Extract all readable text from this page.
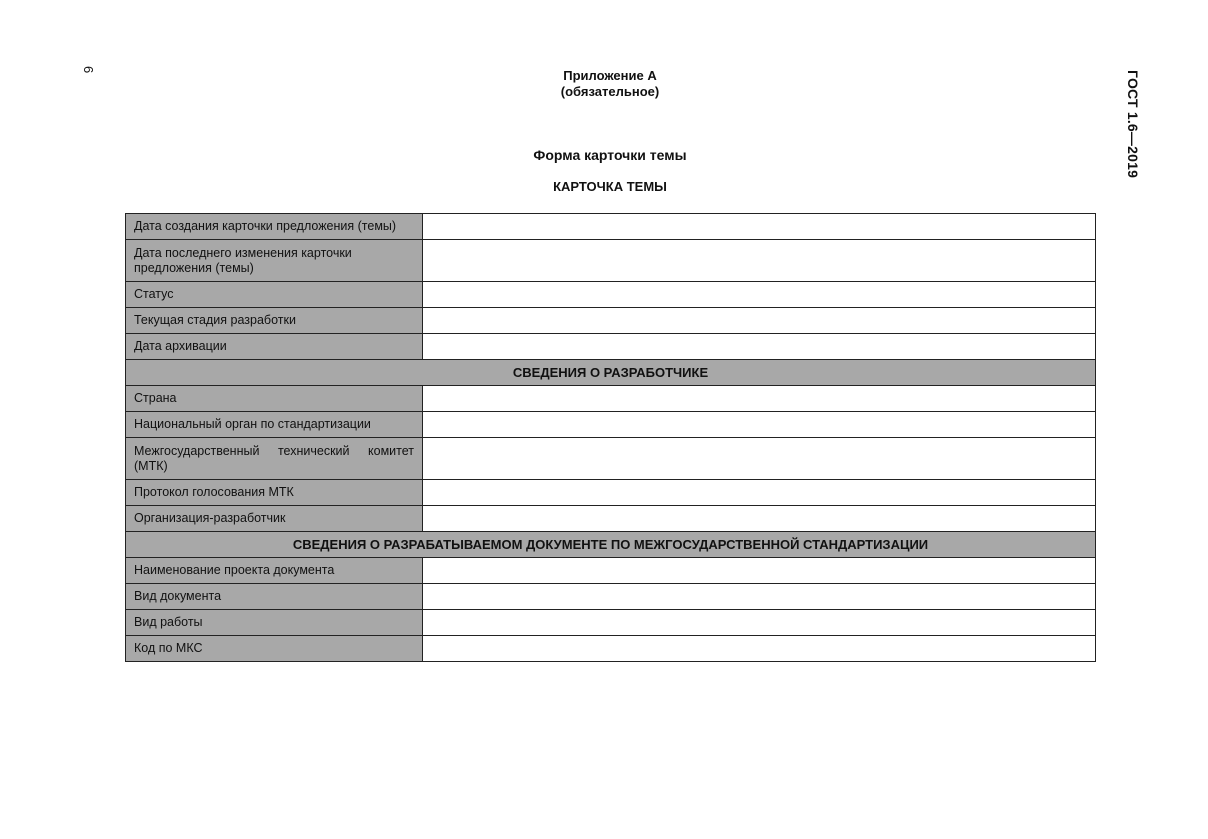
6
ГОСТ 1.6—2019
Приложение А
(обязательное)
Форма карточки темы
КАРТОЧКА ТЕМЫ
Дата создания карточки предложения (темы)	
Дата последнего изменения карточки предложения (темы)	
Статус	
Текущая стадия разработки	
Дата архивации	
СВЕДЕНИЯ О РАЗРАБОТЧИКЕ	
Страна	
Национальный орган по стандартизации	
Межгосударственный технический комитет (МТК)	
Протокол голосования МТК	
Организация-разработчик	
СВЕДЕНИЯ О РАЗРАБАТЫВАЕМОМ ДОКУМЕНТЕ ПО МЕЖГОСУДАРСТВЕННОЙ СТАНДАРТИЗАЦИИ	
Наименование проекта документа	
Вид документа	
Вид работы	
Код по МКС	
